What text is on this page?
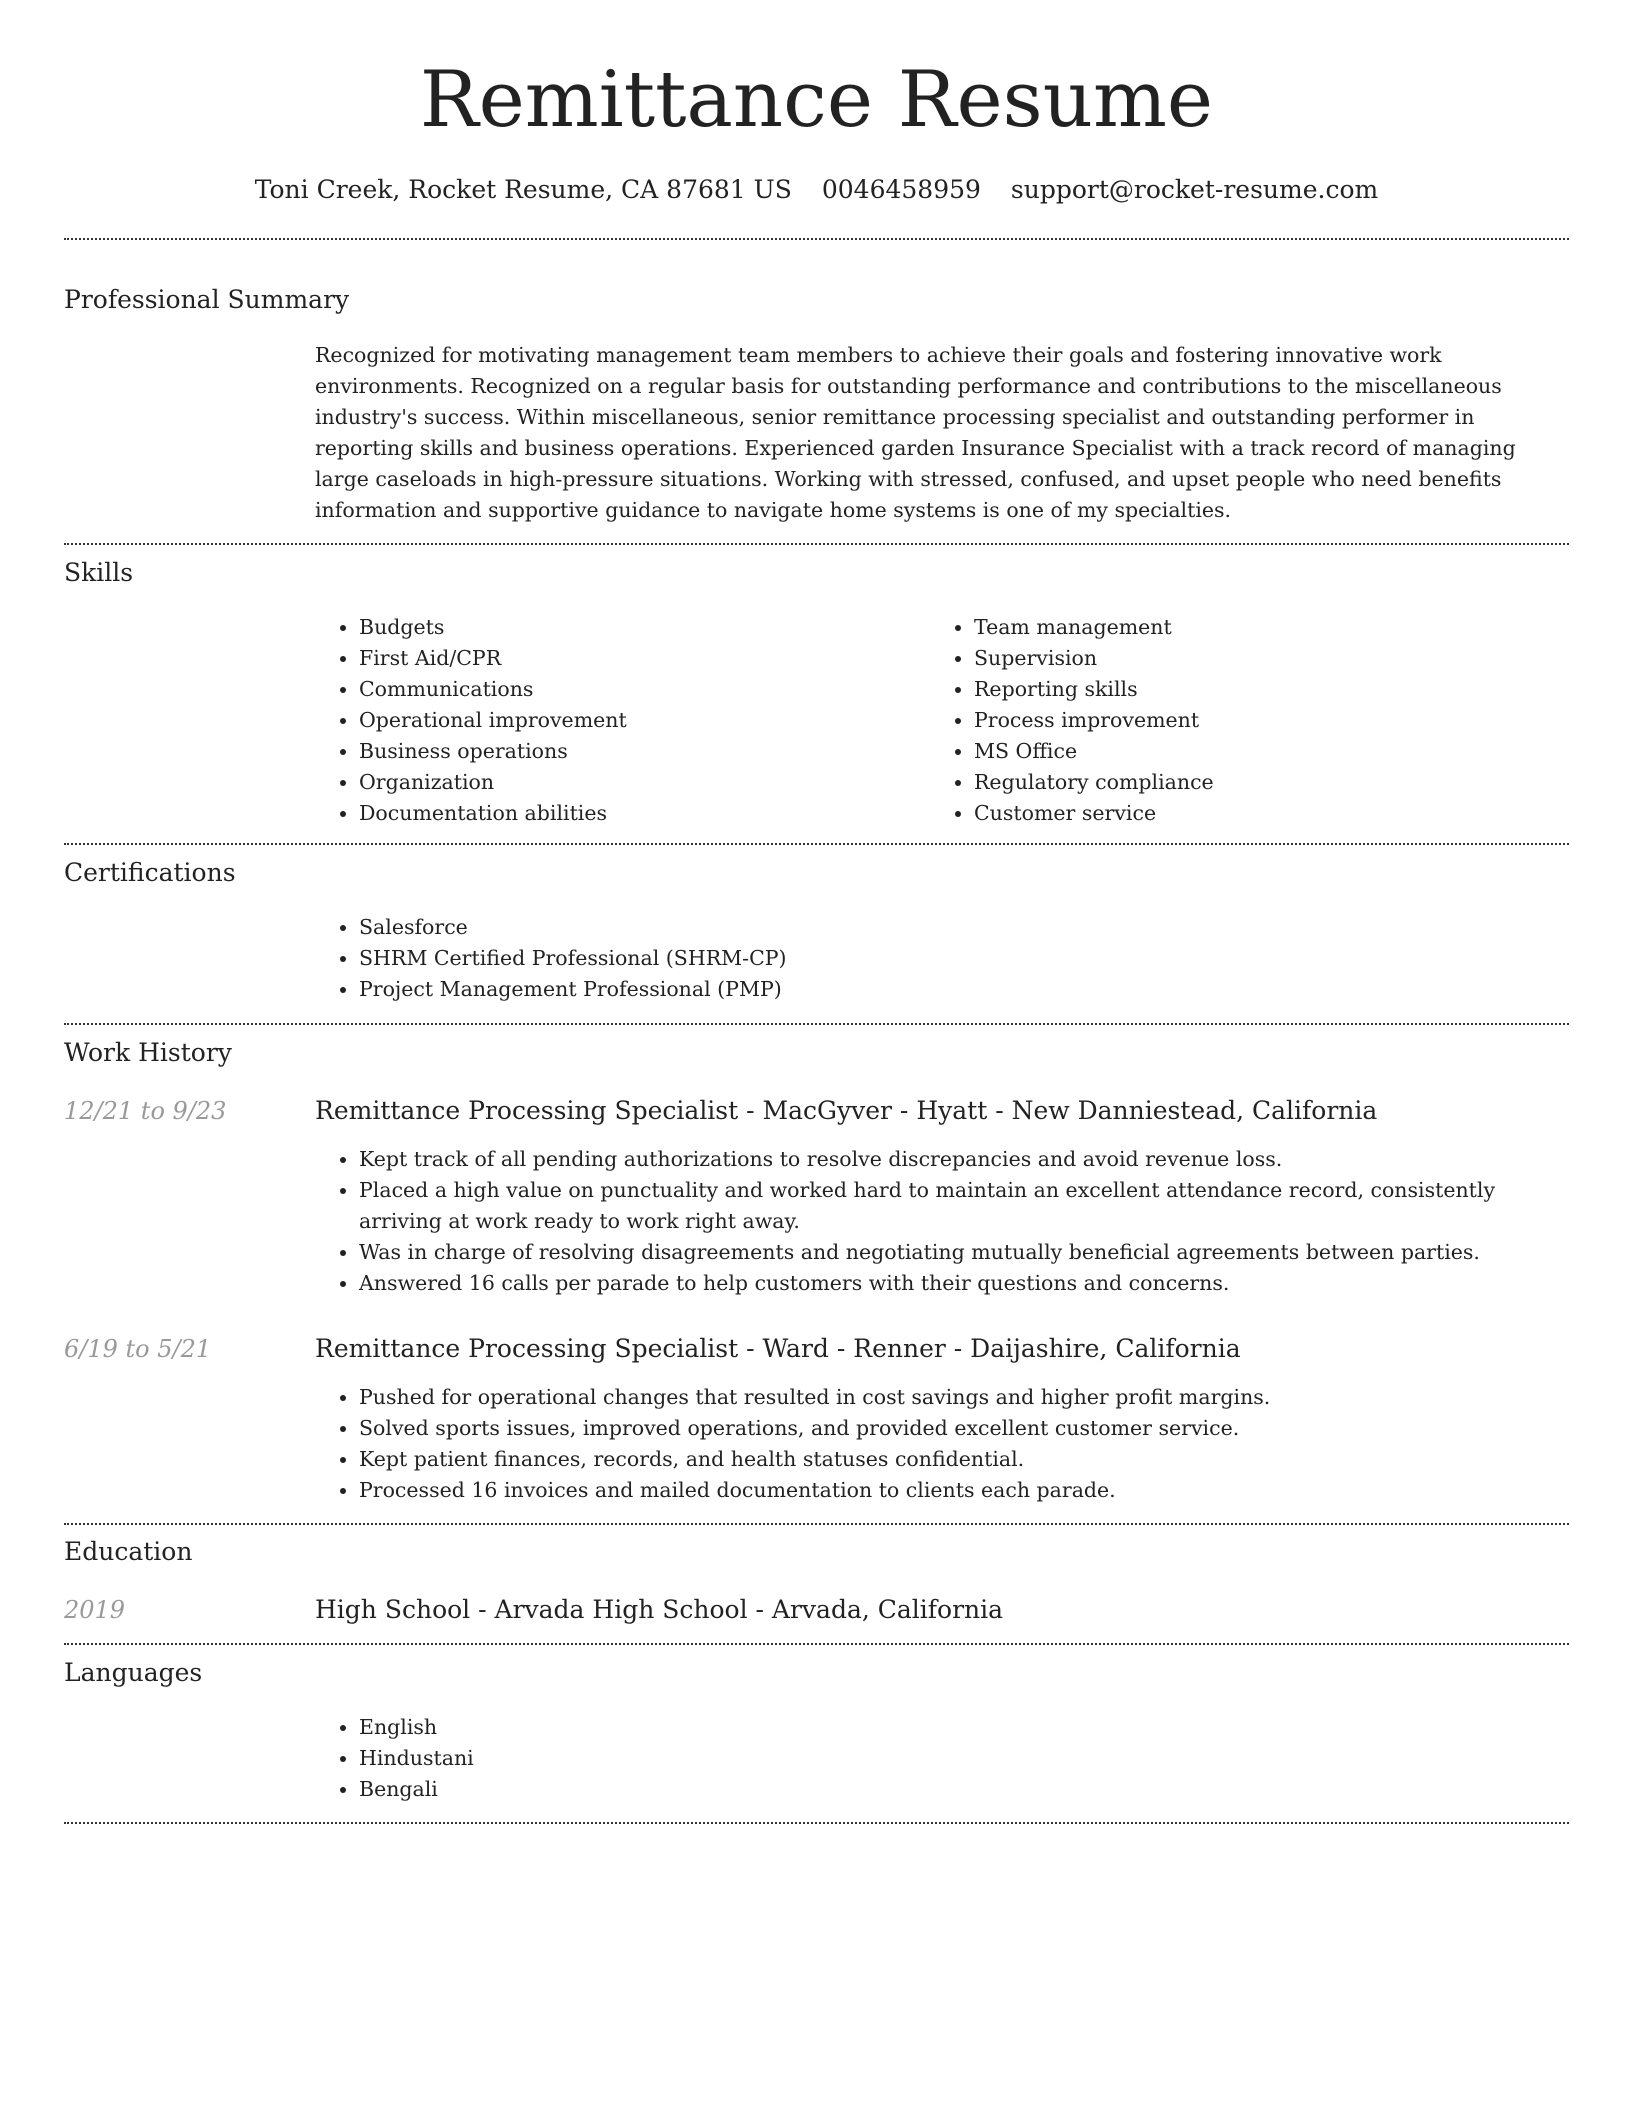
Remittance Resume
Toni Creek, Rocket Resume, CA 87681 US 0046458959 support@rocket-resume.com
Professional Summary

Recognized for motivating management team members to achieve their goals and fostering innovative work environments. Recognized on a regular basis for outstanding performance and contributions to the miscellaneous industry's success. Within miscellaneous, senior remittance processing specialist and outstanding performer in reporting skills and business operations. Experienced garden Insurance Specialist with a track record of managing large caseloads in high-pressure situations. Working with stressed, confused, and upset people who need benefits information and supportive guidance to navigate home systems is one of my specialties.

Skills
• Budgets
• First Aid/CPR
• Communications
• Operational improvement
• Business operations
• Organization
• Documentation abilities
• Team management
• Supervision
• Reporting skills
• Process improvement
• MS Office
• Regulatory compliance
• Customer service
Certifications
• Salesforce
• SHRM Certified Professional (SHRM-CP)
• Project Management Professional (PMP)
Work History
12/21 to 9/23	Remittance Processing Specialist - MacGyver - Hyatt - New Danniestead, California
• Kept track of all pending authorizations to resolve discrepancies and avoid revenue loss.
• Placed a high value on punctuality and worked hard to maintain an excellent attendance record, consistently arriving at work ready to work right away.
• Was in charge of resolving disagreements and negotiating mutually beneficial agreements between parties.
• Answered 16 calls per parade to help customers with their questions and concerns.
6/19 to 5/21	Remittance Processing Specialist - Ward - Renner - Daijashire, California
• Pushed for operational changes that resulted in cost savings and higher profit margins.
• Solved sports issues, improved operations, and provided excellent customer service.
• Kept patient finances, records, and health statuses confidential.
• Processed 16 invoices and mailed documentation to clients each parade.
Education
2019	High School - Arvada High School - Arvada, California
Languages
• English
• Hindustani
• Bengali
